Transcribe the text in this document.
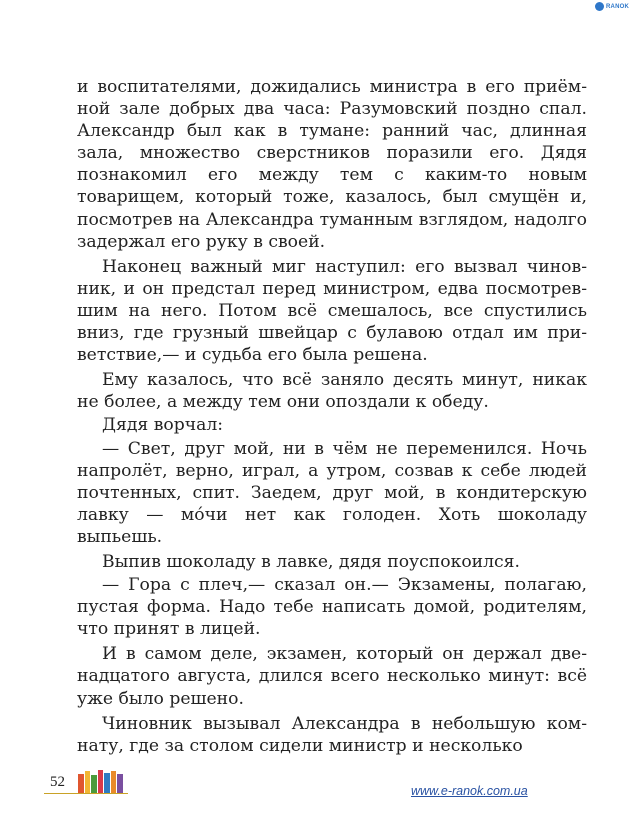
RANOK

и воспитателями, дожидались министра в его приёмной зале добрых два часа: Разумовский поздно спал. Александр был как в тумане: ранний час, длинная зала, множество сверстников поразили его. Дядя познакомил его между тем с каким-то новым товарищем, который тоже, казалось, был смущён и, посмотрев на Александра туманным взглядом, надолго задержал его руку в своей.

Наконец важный миг наступил: его вызвал чиновник, и он предстал перед министром, едва посмотревшим на него. Потом всё смешалось, все спустились вниз, где грузный швейцар с булавою отдал им приветствие,— и судьба его была решена.

Ему казалось, что всё заняло десять минут, никак не более, а между тем они опоздали к обеду.

Дядя ворчал:

— Свет, друг мой, ни в чём не переменился. Ночь напролёт, верно, играл, а утром, созвав к себе людей почтенных, спит. Заедем, друг мой, в кондитерскую лавку — мо́чи нет как голоден. Хоть шоколаду выпьешь.

Выпив шоколаду в лавке, дядя поуспокоился.

— Гора с плеч,— сказал он.— Экзамены, полагаю, пустая форма. Надо тебе написать домой, родителям, что принят в лицей.

И в самом деле, экзамен, который он держал двенадцатого августа, длился всего несколько минут: всё уже было решено.

Чиновник вызывал Александра в небольшую комнату, где за столом сидели министр и несколько

52
www.e-ranok.com.ua
